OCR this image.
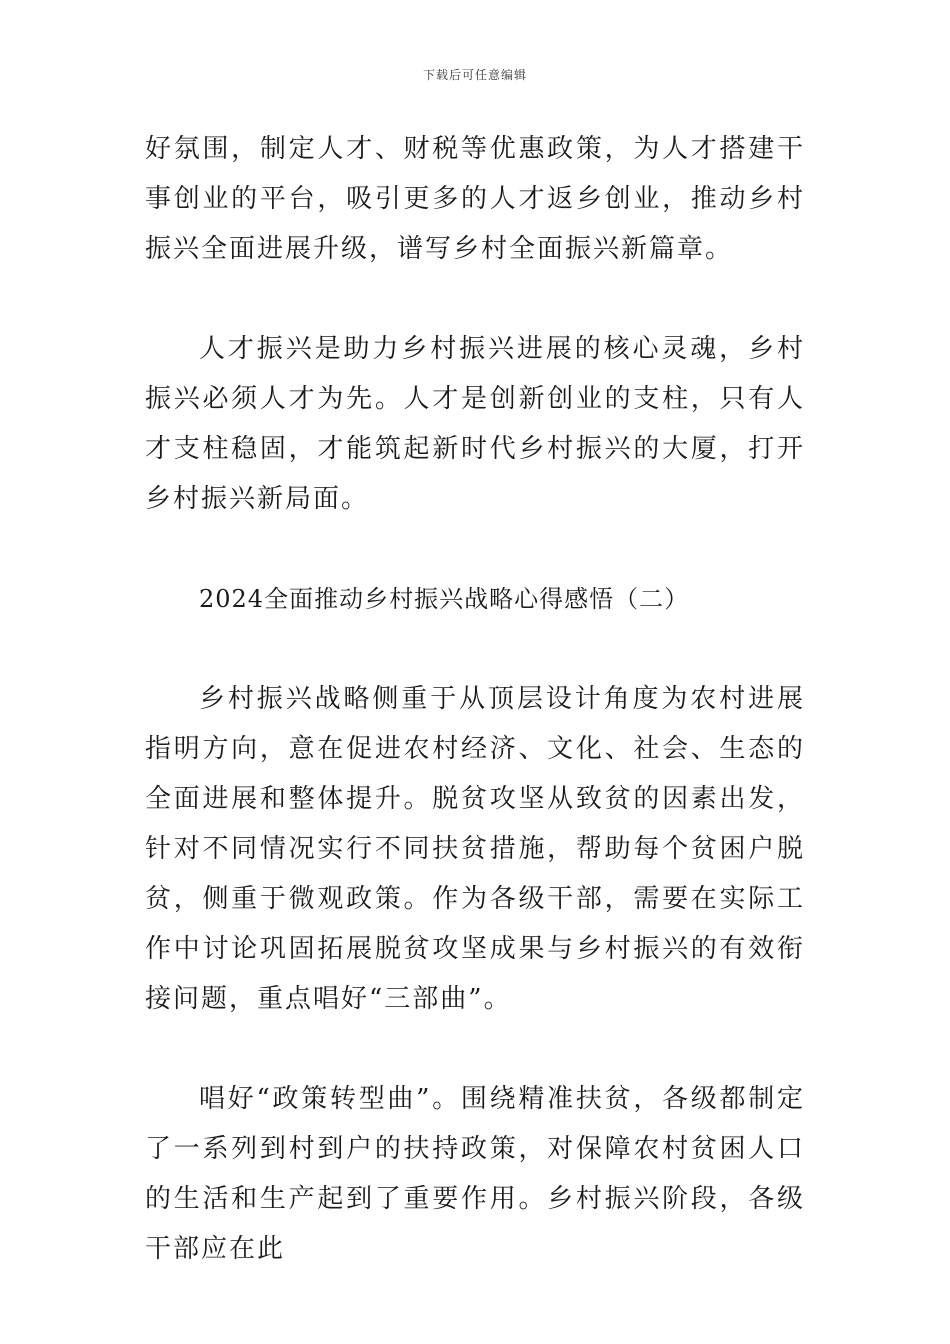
下载后可任意编辑

好氛围，制定人才、财税等优惠政策，为人才搭建干事创业的平台，吸引更多的人才返乡创业，推动乡村振兴全面进展升级，谱写乡村全面振兴新篇章。

人才振兴是助力乡村振兴进展的核心灵魂，乡村振兴必须人才为先。人才是创新创业的支柱，只有人才支柱稳固，才能筑起新时代乡村振兴的大厦，打开乡村振兴新局面。

2024全面推动乡村振兴战略心得感悟（二）

乡村振兴战略侧重于从顶层设计角度为农村进展指明方向，意在促进农村经济、文化、社会、生态的全面进展和整体提升。脱贫攻坚从致贫的因素出发，针对不同情况实行不同扶贫措施，帮助每个贫困户脱贫，侧重于微观政策。作为各级干部，需要在实际工作中讨论巩固拓展脱贫攻坚成果与乡村振兴的有效衔接问题，重点唱好“三部曲”。

唱好“政策转型曲”。围绕精准扶贫，各级都制定了一系列到村到户的扶持政策，对保障农村贫困人口的生活和生产起到了重要作用。乡村振兴阶段，各级干部应在此
